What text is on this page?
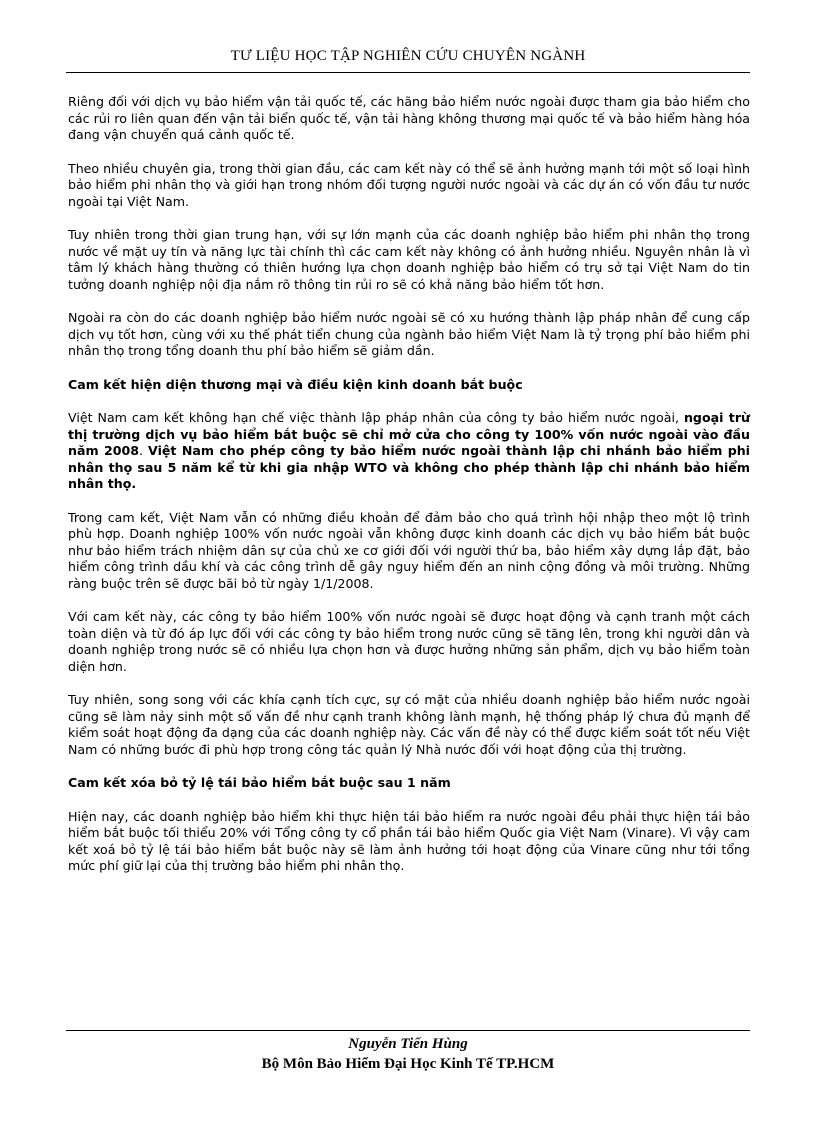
TƯ LIỆU HỌC TẬP NGHIÊN CỨU CHUYÊN NGÀNH

Riêng đối với dịch vụ bảo hiểm vận tải quốc tế, các hãng bảo hiểm nước ngoài được tham gia bảo hiểm cho các rủi ro liên quan đến vận tải biển quốc tế, vận tải hàng không thương mại quốc tế và bảo hiểm hàng hóa đang vận chuyển quá cảnh quốc tế.

Theo nhiều chuyên gia, trong thời gian đầu, các cam kết này có thể sẽ ảnh hưởng mạnh tới một số loại hình bảo hiểm phi nhân thọ và giới hạn trong nhóm đối tượng người nước ngoài và các dự án có vốn đầu tư nước ngoài tại Việt Nam.

Tuy nhiên trong thời gian trung hạn, với sự lớn mạnh của các doanh nghiệp bảo hiểm phi nhân thọ trong nước về mặt uy tín và năng lực tài chính thì các cam kết này không có ảnh hưởng nhiều. Nguyên nhân là vì tâm lý khách hàng thường có thiên hướng lựa chọn doanh nghiệp bảo hiểm có trụ sở tại Việt Nam do tin tưởng doanh nghiệp nội địa nắm rõ thông tin rủi ro sẽ có khả năng bảo hiểm tốt hơn.

Ngoài ra còn do các doanh nghiệp bảo hiểm nước ngoài sẽ có xu hướng thành lập pháp nhân để cung cấp dịch vụ tốt hơn, cùng với xu thế phát tiển chung của ngành bảo hiểm Việt Nam là tỷ trọng phí bảo hiểm phi nhân thọ trong tổng doanh thu phí bảo hiểm sẽ giảm dần.

Cam kết hiện diện thương mại và điều kiện kinh doanh bắt buộc

Việt Nam cam kết không hạn chế việc thành lập pháp nhân của công ty bảo hiểm nước ngoài, ngoại trừ thị trường dịch vụ bảo hiểm bắt buộc sẽ chỉ mở cửa cho công ty 100% vốn nước ngoài vào đầu năm 2008. Việt Nam cho phép công ty bảo hiểm nước ngoài thành lập chi nhánh bảo hiểm phi nhân thọ sau 5 năm kể từ khi gia nhập WTO và không cho phép thành lập chi nhánh bảo hiểm nhân thọ.

Trong cam kết, Việt Nam vẫn có những điều khoản để đảm bảo cho quá trình hội nhập theo một lộ trình phù hợp. Doanh nghiệp 100% vốn nước ngoài vẫn không được kinh doanh các dịch vụ bảo hiểm bắt buộc như bảo hiểm trách nhiệm dân sự của chủ xe cơ giới đối với người thứ ba, bảo hiểm xây dựng lắp đặt, bảo hiểm công trình dầu khí và các công trình dễ gây nguy hiểm đến an ninh cộng đồng và môi trường. Những ràng buộc trên sẽ được bãi bỏ từ ngày 1/1/2008.

Với cam kết này, các công ty bảo hiểm 100% vốn nước ngoài sẽ được hoạt động và cạnh tranh một cách toàn diện và từ đó áp lực đối với các công ty bảo hiểm trong nước cũng sẽ tăng lên, trong khi người dân và doanh nghiệp trong nước sẽ có nhiều lựa chọn hơn và được hưởng những sản phẩm, dịch vụ bảo hiểm toàn diện hơn.

Tuy nhiên, song song với các khía cạnh tích cực, sự có mặt của nhiều doanh nghiệp bảo hiểm nước ngoài cũng sẽ làm nảy sinh một số vấn đề như cạnh tranh không lành mạnh, hệ thống pháp lý chưa đủ mạnh để kiểm soát hoạt động đa dạng của các doanh nghiệp này. Các vấn đề này có thể được kiểm soát tốt nếu Việt Nam có những bước đi phù hợp trong công tác quản lý Nhà nước đối với hoạt động của thị trường.

Cam kết xóa bỏ tỷ lệ tái bảo hiểm bắt buộc sau 1 năm

Hiện nay, các doanh nghiệp bảo hiểm khi thực hiện tái bảo hiểm ra nước ngoài đều phải thực hiện tái bảo hiểm bắt buộc tối thiểu 20% với Tổng công ty cổ phần tái bảo hiểm Quốc gia Việt Nam (Vinare). Vì vậy cam kết xoá bỏ tỷ lệ tái bảo hiểm bắt buộc này sẽ làm ảnh hưởng tới hoạt động của Vinare cũng như tới tổng mức phí giữ lại của thị trường bảo hiểm phi nhân thọ.

Nguyễn Tiến Hùng
Bộ Môn Bảo Hiểm Đại Học Kinh Tế TP.HCM
